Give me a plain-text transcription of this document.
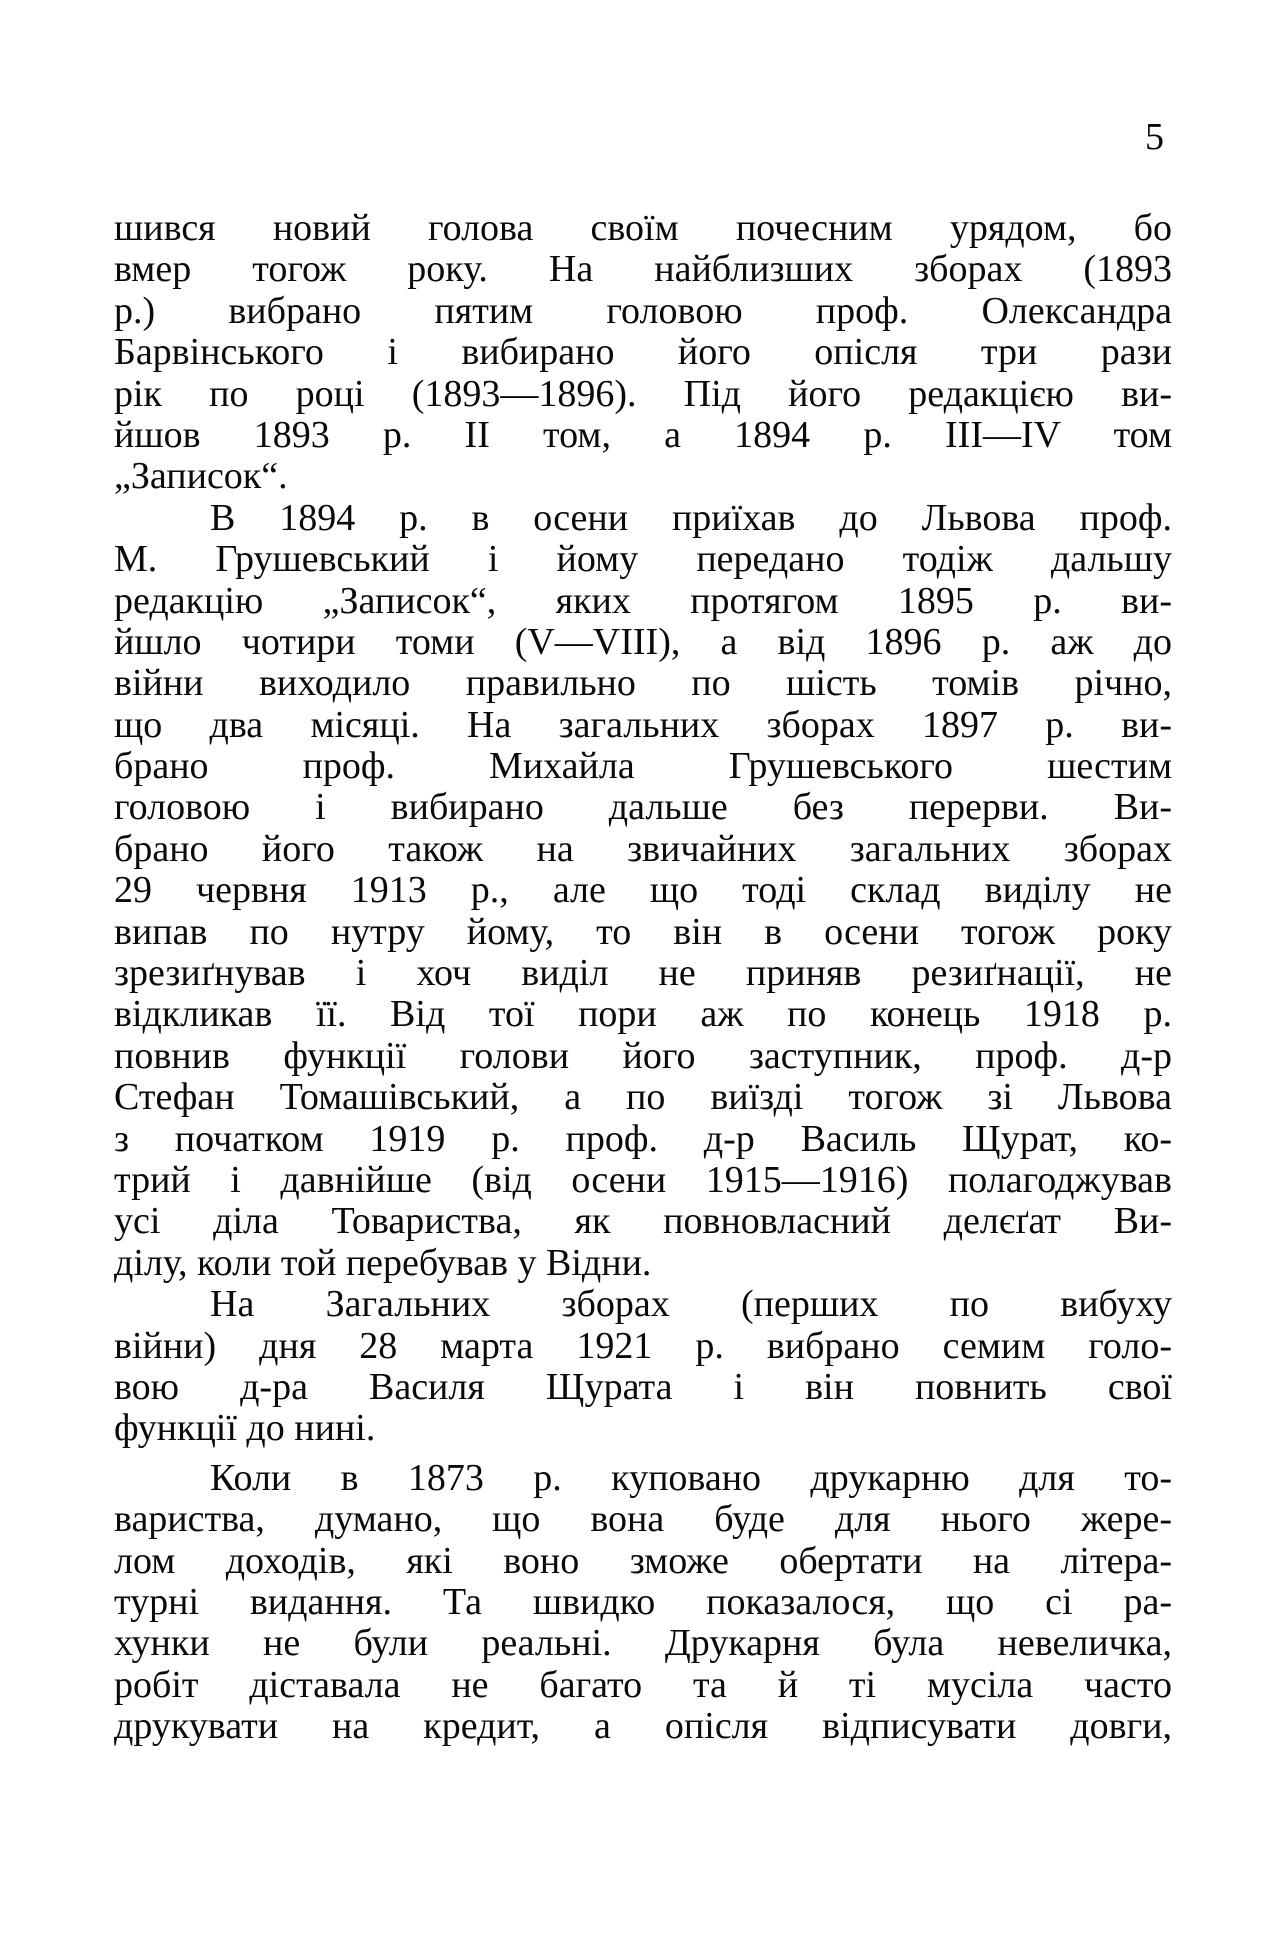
5
шився новий голова своїм почесним урядом, бо
вмер тогож року. На найблизших зборах (1893
р.) вибрано пятим головою проф. Олександра
Барвінського і вибирано його опісля три рази
рік по році (1893—1896). Під його редакцією ви-
йшов 1893 р. II том, а 1894 р. III—IV том
„Записок“.
В 1894 р. в осени приїхав до Львова проф.
М. Грушевський і йому передано тодіж дальшу
редакцію „Записок“, яких протягом 1895 р. ви-
йшло чотири томи (V—VIII), а від 1896 р. аж до
війни виходило правильно по шість томів річно,
що два місяці. На загальних зборах 1897 р. ви-
брано проф. Михайла Грушевського шестим
головою і вибирано дальше без перерви. Ви-
брано його також на звичайних загальних зборах
29 червня 1913 р., але що тоді склад виділу не
випав по нутру йому, то він в осени тогож року
зрезиґнував і хоч виділ не приняв резиґнації, не
відкликав її. Від тої пори аж по конець 1918 р.
повнив функції голови його заступник, проф. д-р
Стефан Томашівський, а по виїзді тогож зі Львова
з початком 1919 р. проф. д-р Василь Щурат, ко-
трий і давнійше (від осени 1915—1916) полагоджував
усі діла Товариства, як повновласний делєґат Ви-
ділу, коли той перебував у Відни.
На Загальних зборах (перших по вибуху
війни) дня 28 марта 1921 р. вибрано семим голо-
вою д-ра Василя Щурата і він повнить свої
функції до нині.
Коли в 1873 р. куповано друкарню для то-
вариства, думано, що вона буде для нього жере-
лом доходів, які воно зможе обертати на літера-
турні видання. Та швидко показалося, що сі ра-
хунки не були реальні. Друкарня була невеличка,
робіт діставала не багато та й ті мусіла часто
друкувати на кредит, а опісля відписувати довги,
